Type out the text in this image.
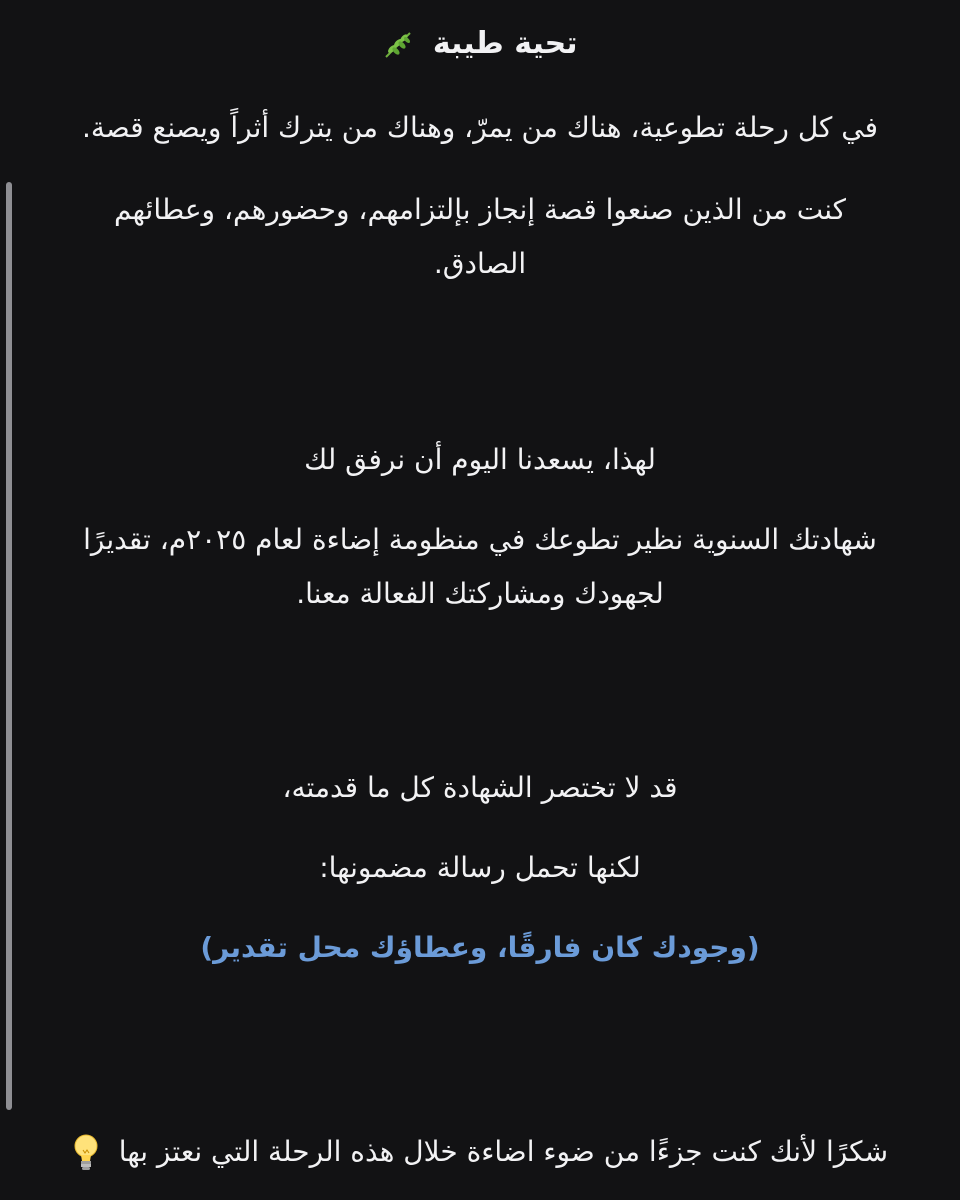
تحية طيبة

في كل رحلة تطوعية، هناك من يمرّ، وهناك من يترك أثراً ويصنع قصة.

كنت من الذين صنعوا قصة إنجاز بإلتزامهم، وحضورهم، وعطائهم

الصادق.

لهذا، يسعدنا اليوم أن نرفق لك

شهادتك السنوية نظير تطوعك في منظومة إضاءة لعام ٢٠٢٥م، تقديرًا

لجهودك ومشاركتك الفعالة معنا.

قد لا تختصر الشهادة كل ما قدمته،

لكنها تحمل رسالة مضمونها:

(وجودك كان فارقًا، وعطاؤك محل تقدير)

شكرًا لأنك كنت جزءًا من ضوء اضاءة خلال هذه الرحلة التي نعتز بها
